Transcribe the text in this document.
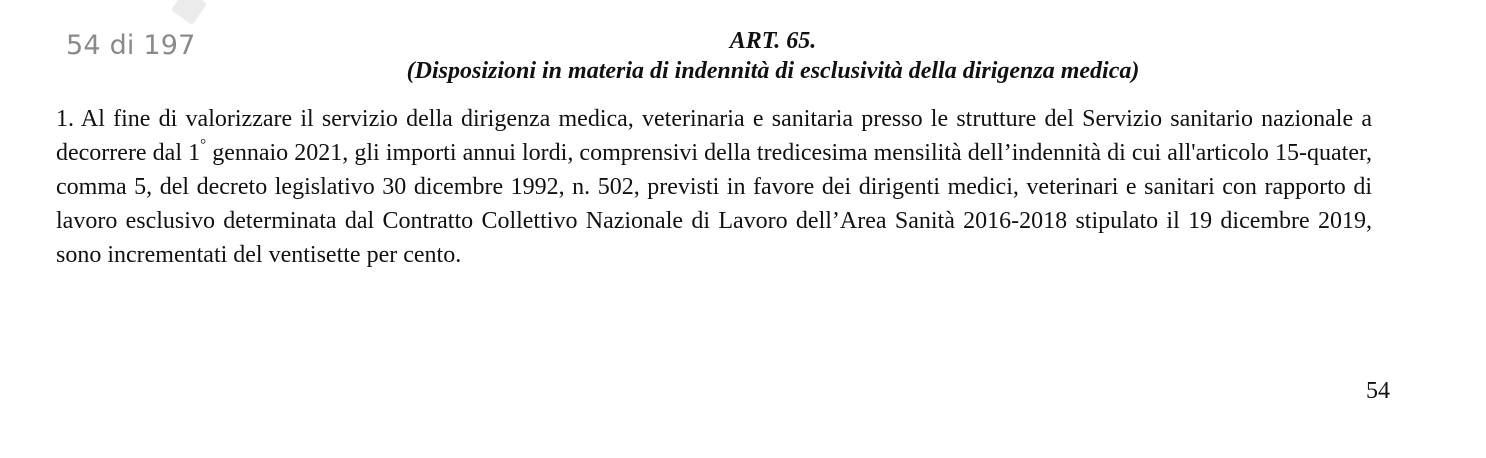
54 di 197	ART. 65.
(Disposizioni in materia di indennità di esclusività della dirigenza medica)
1. Al fine di valorizzare il servizio della dirigenza medica, veterinaria e sanitaria presso le strutture del Servizio sanitario nazionale a decorrere dal 1° gennaio 2021, gli importi annui lordi, comprensivi della tredicesima mensilità dell’indennità di cui all'articolo 15-quater, comma 5, del decreto legislativo 30 dicembre 1992, n. 502, previsti in favore dei dirigenti medici, veterinari e sanitari con rapporto di lavoro esclusivo determinata dal Contratto Collettivo Nazionale di Lavoro dell’Area Sanità 2016-2018 stipulato il 19 dicembre 2019, sono incrementati del ventisette per cento.
54
